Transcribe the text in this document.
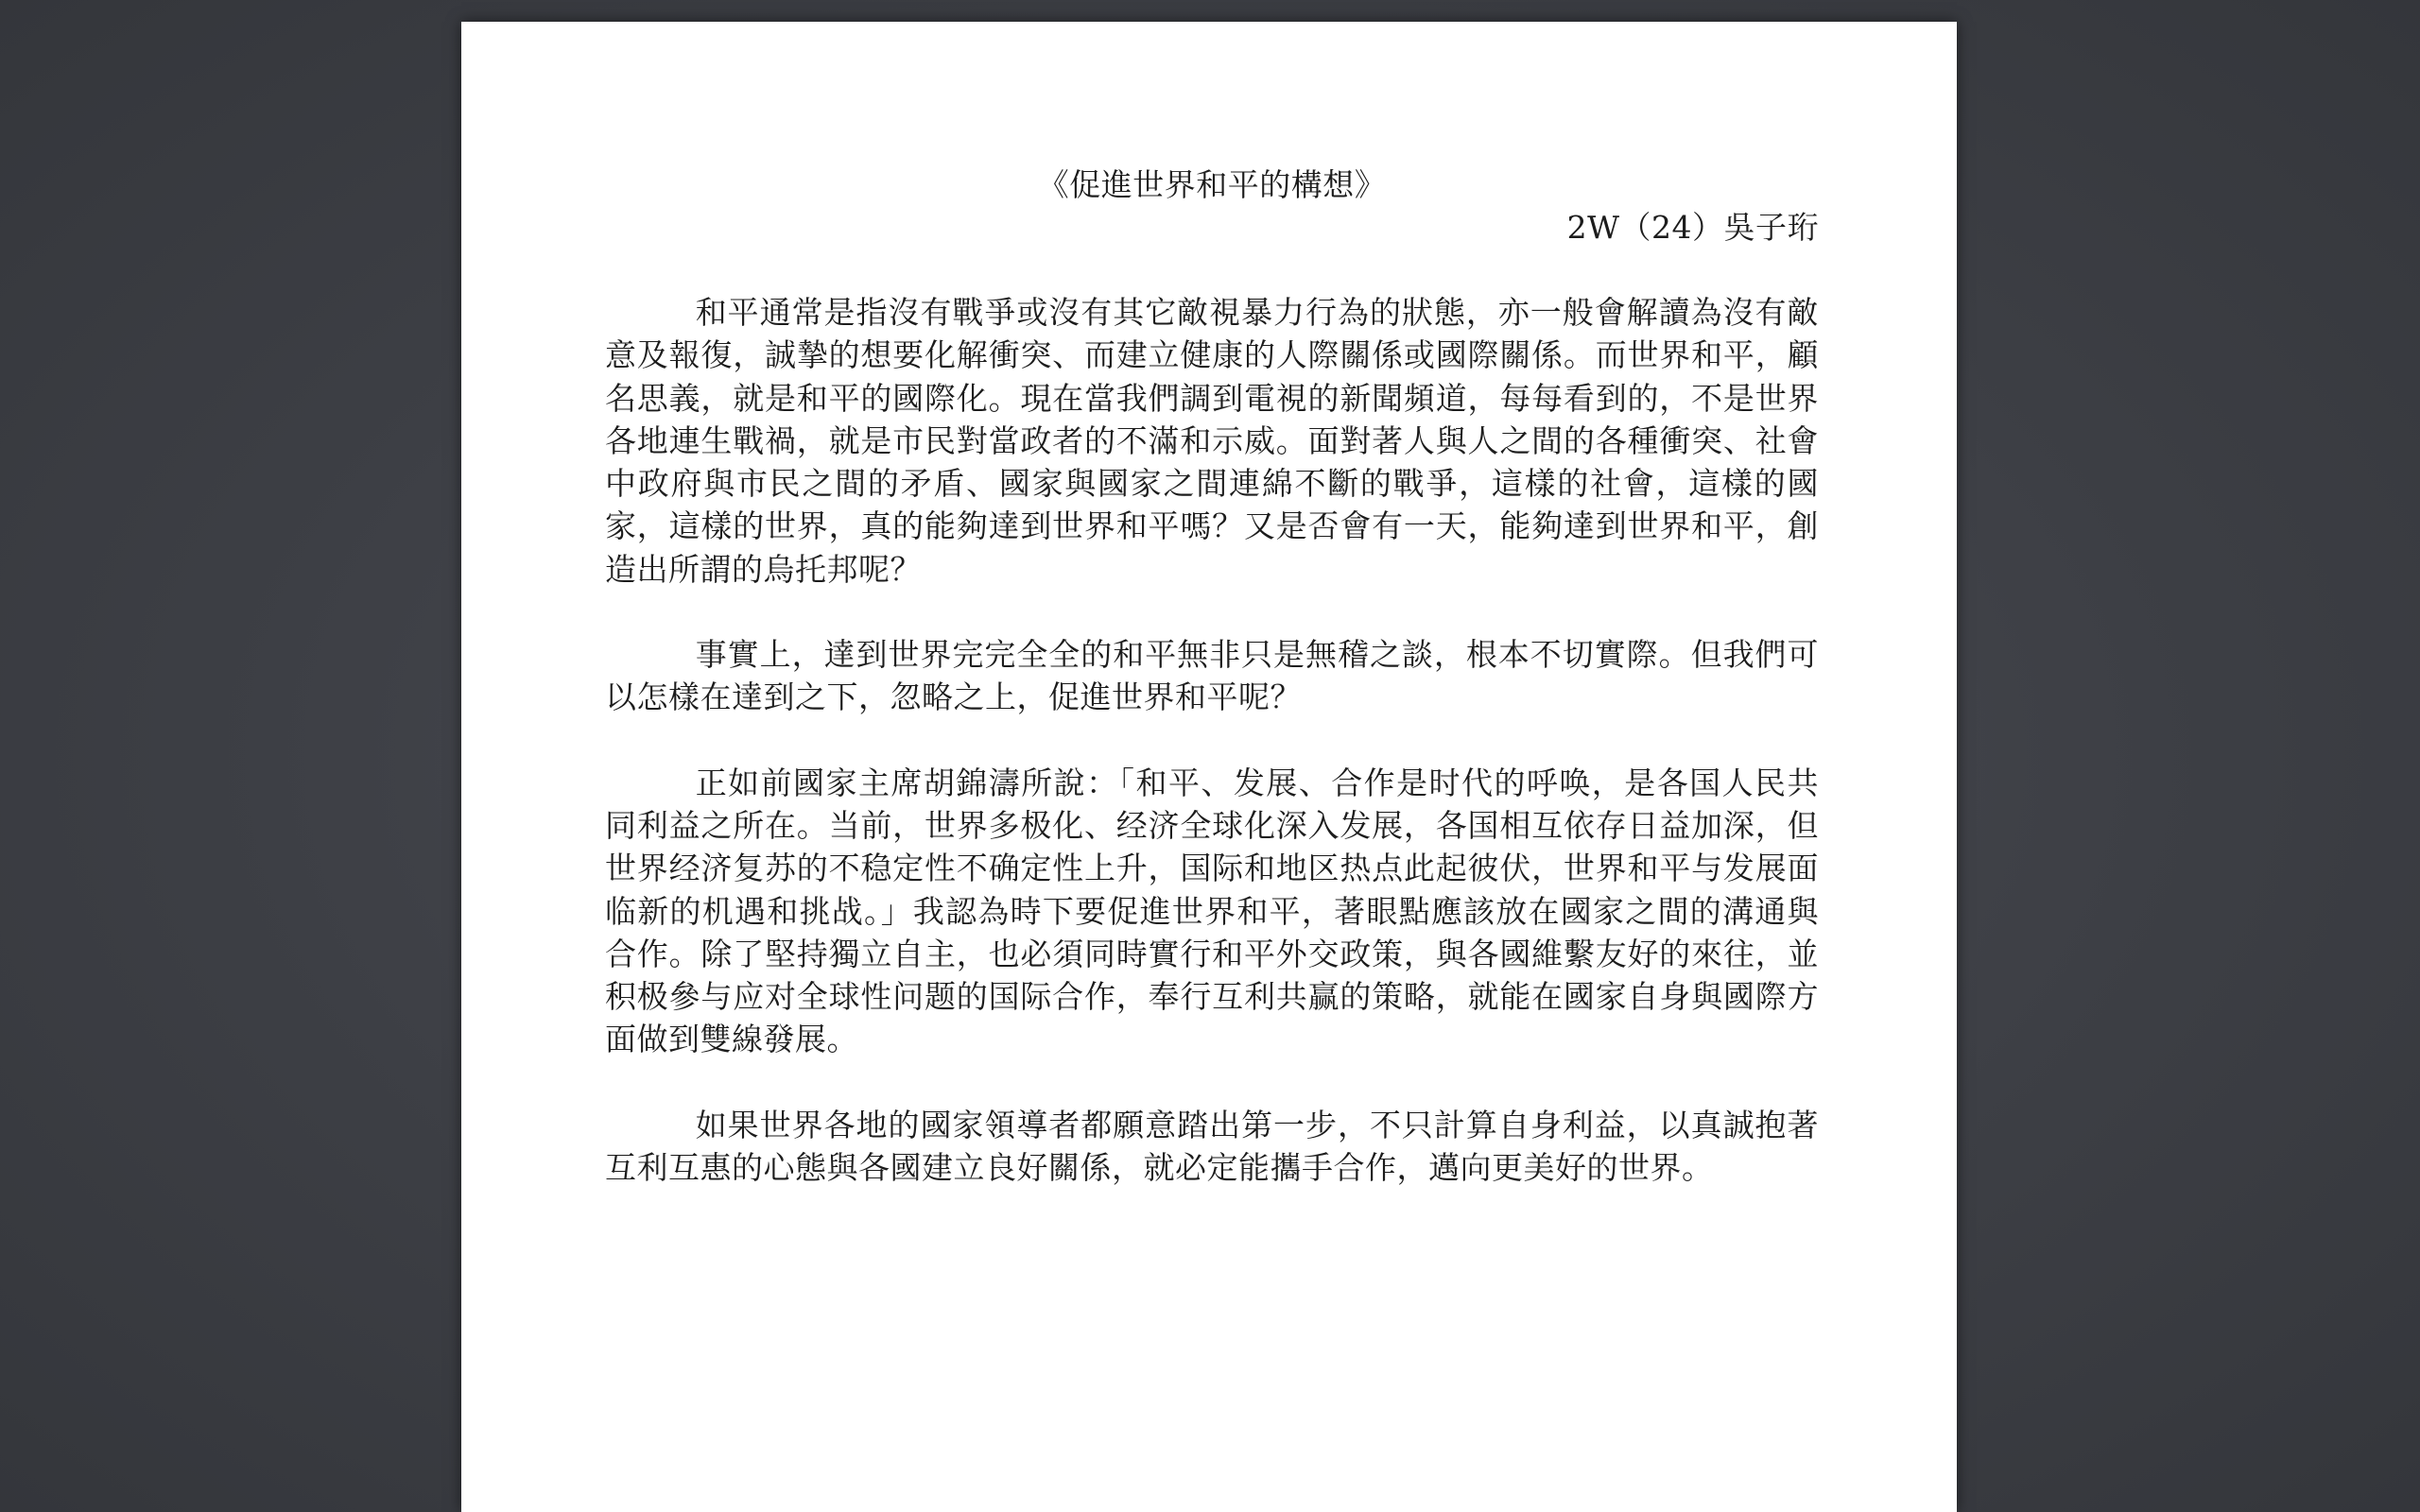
《促進世界和平的構想》

2W（24）吳子珩

和平通常是指沒有戰爭或沒有其它敵視暴力行為的狀態，亦一般會解讀為沒有敵意及報復，誠摯的想要化解衝突、而建立健康的人際關係或國際關係。而世界和平，顧名思義，就是和平的國際化。現在當我們調到電視的新聞頻道，每每看到的，不是世界各地連生戰禍，就是市民對當政者的不滿和示威。面對著人與人之間的各種衝突、社會中政府與市民之間的矛盾、國家與國家之間連綿不斷的戰爭，這樣的社會，這樣的國家，這樣的世界，真的能夠達到世界和平嗎？又是否會有一天，能夠達到世界和平，創造出所謂的烏托邦呢？

事實上，達到世界完完全全的和平無非只是無稽之談，根本不切實際。但我們可以怎樣在達到之下，忽略之上，促進世界和平呢？

正如前國家主席胡錦濤所說：「和平、发展、合作是时代的呼唤，是各国人民共同利益之所在。当前，世界多极化、经济全球化深入发展，各国相互依存日益加深，但世界经济复苏的不稳定性不确定性上升，国际和地区热点此起彼伏，世界和平与发展面临新的机遇和挑战。」我認為時下要促進世界和平，著眼點應該放在國家之間的溝通與合作。除了堅持獨立自主，也必須同時實行和平外交政策，與各國維繫友好的來往，並积极參与应对全球性问题的国际合作，奉行互利共赢的策略，就能在國家自身與國際方面做到雙線發展。

如果世界各地的國家領導者都願意踏出第一步，不只計算自身利益，以真誠抱著互利互惠的心態與各國建立良好關係，就必定能攜手合作，邁向更美好的世界。
